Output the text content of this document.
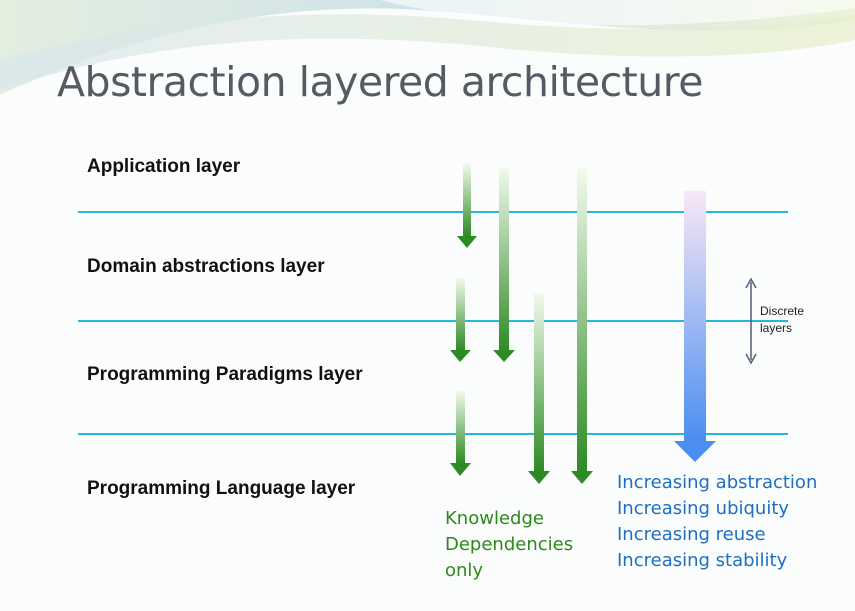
Abstraction layered architecture
Application layer
Domain abstractions layer
Programming Paradigms layer
Programming Language layer
Discrete
layers
Knowledge
Dependencies
only
Increasing abstraction
Increasing ubiquity
Increasing reuse
Increasing stability
